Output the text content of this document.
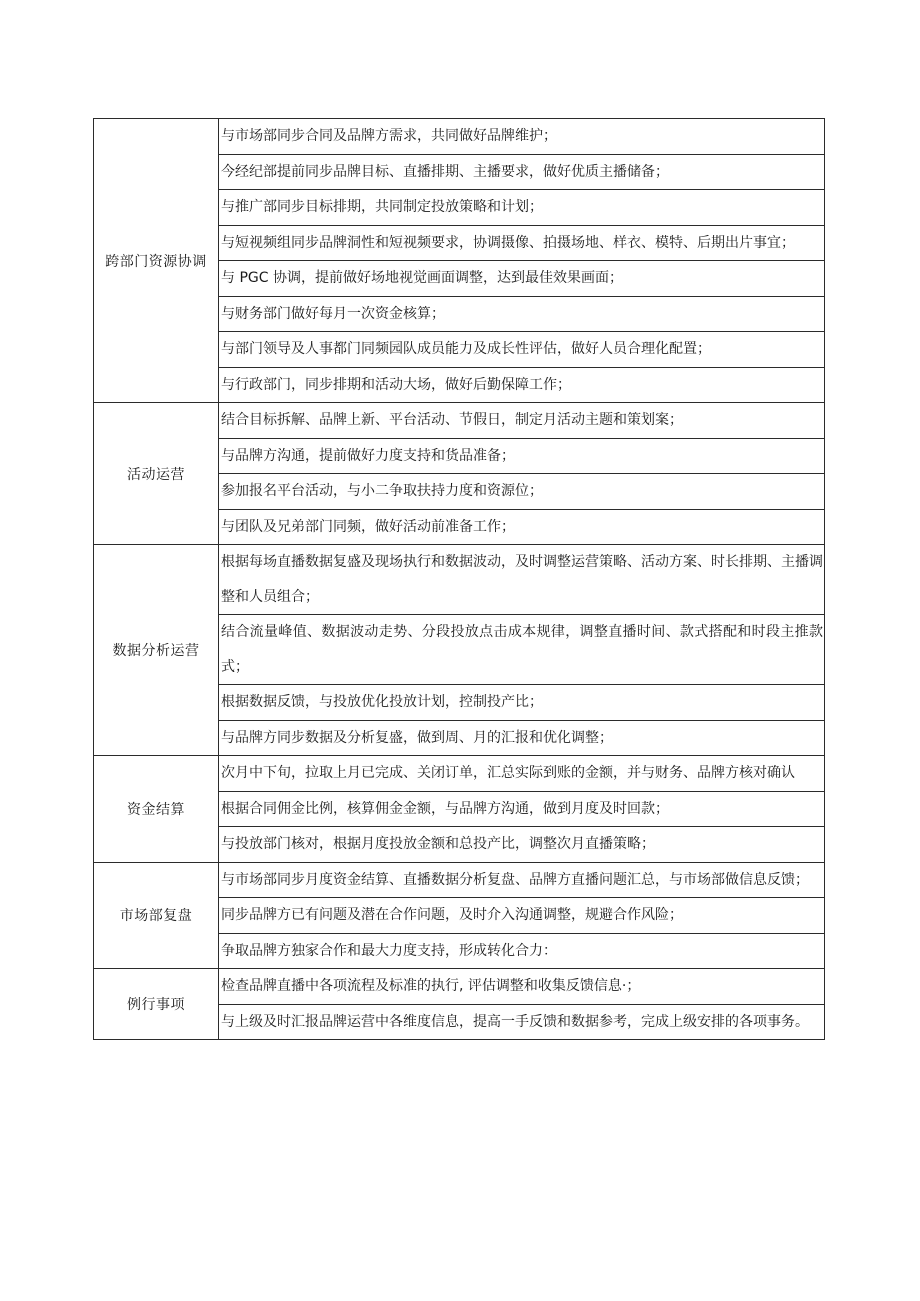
跨部门资源协调	与市场部同步合同及品牌方需求，共同做好品牌维护；
	今经纪部提前同步品牌目标、直播排期、主播要求，做好优质主播储备；
	与推广部同步目标排期，共同制定投放策略和计划；
	与短视频组同步品牌洞性和短视频要求，协调摄像、拍摄场地、样衣、模特、后期出片事宜；
	与 PGC 协调，提前做好场地视觉画面调整，达到最佳效果画面；
	与财务部门做好每月一次资金核算；
	与部门领导及人事都门同频园队成员能力及成长性评估，做好人员合理化配置；
	与行政部门，同步排期和活动大场，做好后勤保障工作；
活动运营	结合目标拆解、品牌上新、平台活动、节假日，制定月活动主题和策划案；
	与品牌方沟通，提前做好力度支持和货品准备；
	参加报名平台活动，与小二争取扶持力度和资源位；
	与团队及兄弟部门同频，做好活动前准备工作；
数据分析运营	根据每场直播数据复盛及现场执行和数据波动，及时调整运营策略、活动方案、时长排期、主播调整和人员组合；
	结合流量峰值、数据波动走势、分段投放点击成本规律，调整直播时间、款式搭配和时段主推款式；
	根据数据反馈，与投放优化投放计划，控制投产比；
	与品牌方同步数据及分析复盛，做到周、月的汇报和优化调整；
资金结算	次月中下旬，拉取上月已完成、关闭订单，汇总实际到账的金额，并与财务、品牌方核对确认
	根据合同佣金比例，核算佣金金额，与品牌方沟通，做到月度及时回款；
	与投放部门核对，根据月度投放金额和总投产比，调整次月直播策略；
市场部复盘	与市场部同步月度资金结算、直播数据分析复盘、品牌方直播问题汇总，与市场部做信息反馈；
	同步品牌方已有问题及潜在合作问题，及时介入沟通调整，规避合作风险；
	争取品牌方独家合作和最大力度支持，形成转化合力：
例行事项	检查品牌直播中各项流程及标准的执行, 评估调整和收集反馈信息·；
	与上级及时汇报品牌运营中各维度信息，提高一手反馈和数据参考，完成上级安排的各项事务。
